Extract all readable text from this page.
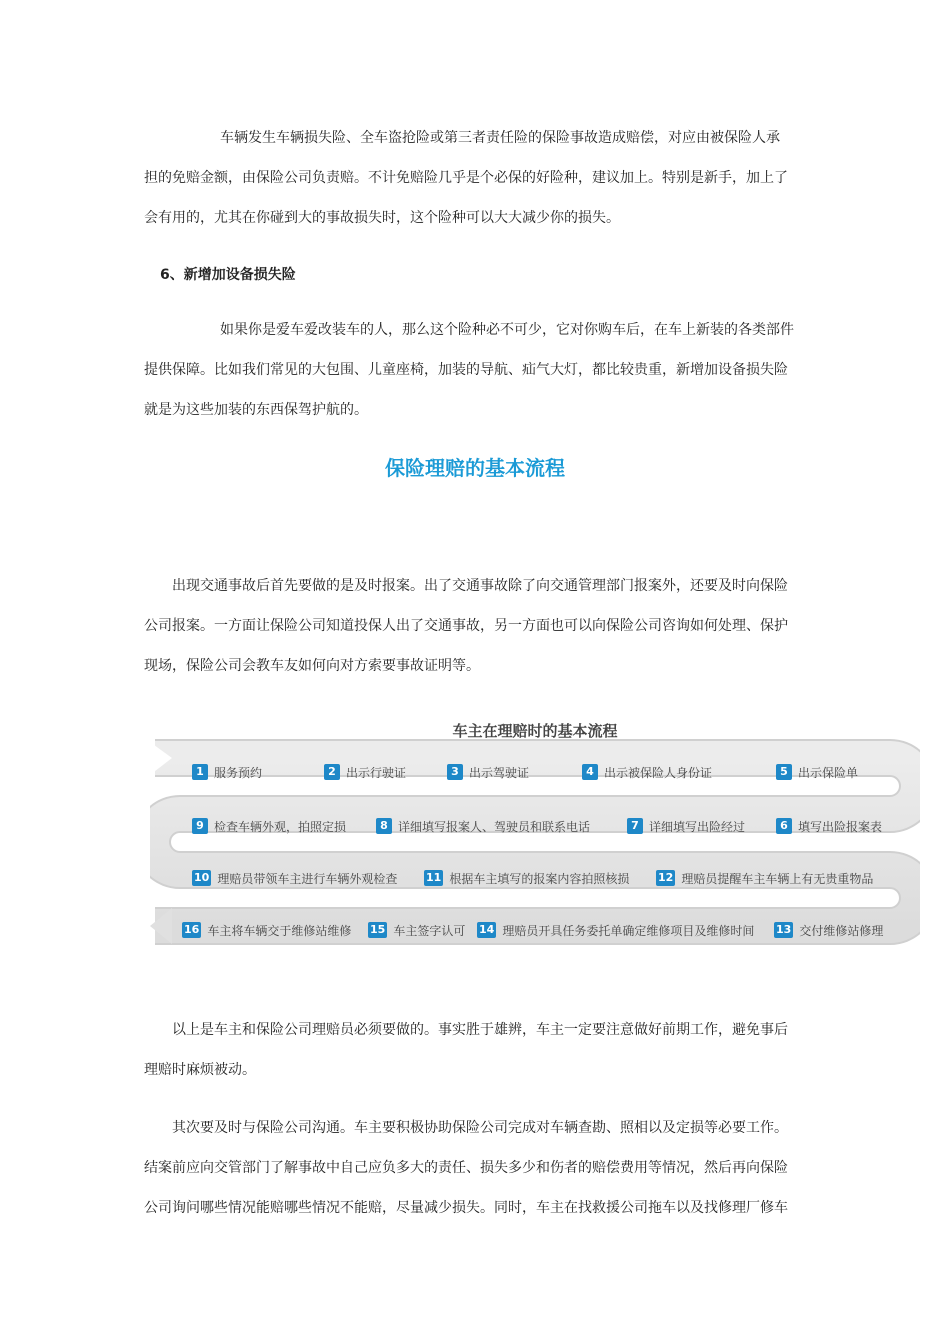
车辆发生车辆损失险、全车盗抢险或第三者责任险的保险事故造成赔偿，对应由被保险人承
担的免赔金额，由保险公司负责赔。不计免赔险几乎是个必保的好险种，建议加上。特别是新手，加上了
会有用的，尤其在你碰到大的事故损失时，这个险种可以大大减少你的损失。

6、新增加设备损失险

如果你是爱车爱改装车的人，那么这个险种必不可少，它对你购车后，在车上新装的各类部件
提供保障。比如我们常见的大包围、儿童座椅，加装的导航、疝气大灯，都比较贵重，新增加设备损失险
就是为这些加装的东西保驾护航的。

保险理赔的基本流程

出现交通事故后首先要做的是及时报案。出了交通事故除了向交通管理部门报案外，还要及时向保险
公司报案。一方面让保险公司知道投保人出了交通事故，另一方面也可以向保险公司咨询如何处理、保护
现场，保险公司会教车友如何向对方索要事故证明等。

车主在理赔时的基本流程
1 服务预约	2 出示行驶证	3 出示驾驶证	4 出示被保险人身份证	5 出示保险单
6 填写出险报案表
7 详细填写出险经过
8 详细填写报案人、驾驶员和联系电话
9 检查车辆外观，拍照定损
10 理赔员带领车主进行车辆外观检查	11 根据车主填写的报案内容拍照核损	12 理赔员提醒车主车辆上有无贵重物品
13 交付维修站修理
14 理赔员开具任务委托单确定维修项目及维修时间
15 车主签字认可
16 车主将车辆交于维修站维修

以上是车主和保险公司理赔员必须要做的。事实胜于雄辨，车主一定要注意做好前期工作，避免事后
理赔时麻烦被动。

其次要及时与保险公司沟通。车主要积极协助保险公司完成对车辆查勘、照相以及定损等必要工作。
结案前应向交管部门了解事故中自己应负多大的责任、损失多少和伤者的赔偿费用等情况，然后再向保险
公司询问哪些情况能赔哪些情况不能赔，尽量减少损失。同时，车主在找救援公司拖车以及找修理厂修车
